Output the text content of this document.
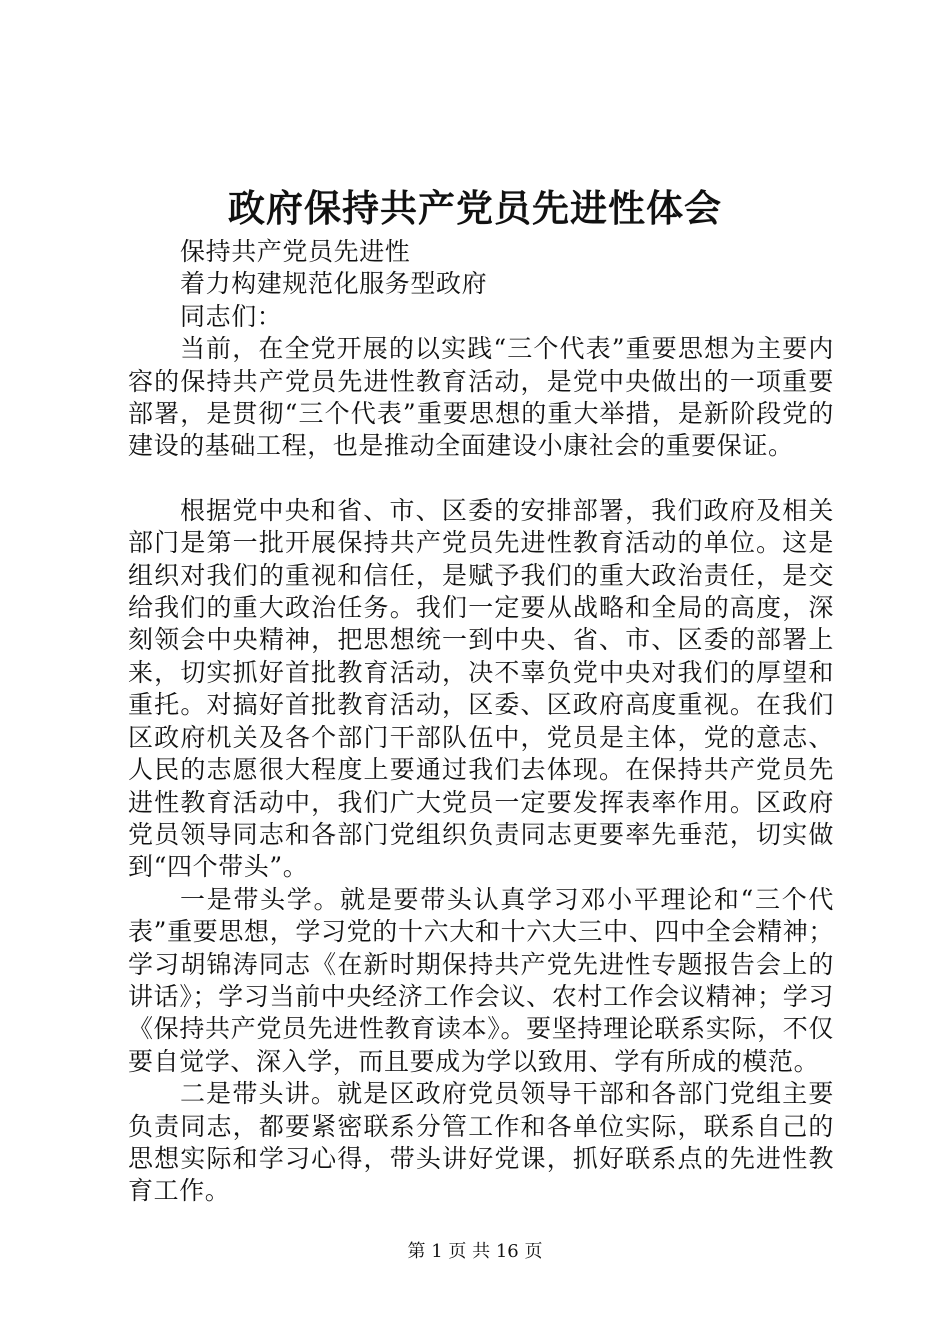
政府保持共产党员先进性体会
保持共产党员先进性
着力构建规范化服务型政府
同志们：

当前，在全党开展的以实践“三个代表”重要思想为主要内容的保持共产党员先进性教育活动，是党中央做出的一项重要部署，是贯彻“三个代表”重要思想的重大举措，是新阶段党的建设的基础工程，也是推动全面建设小康社会的重要保证。

根据党中央和省、市、区委的安排部署，我们政府及相关部门是第一批开展保持共产党员先进性教育活动的单位。这是组织对我们的重视和信任，是赋予我们的重大政治责任，是交给我们的重大政治任务。我们一定要从战略和全局的高度，深刻领会中央精神，把思想统一到中央、省、市、区委的部署上来，切实抓好首批教育活动，决不辜负党中央对我们的厚望和重托。对搞好首批教育活动，区委、区政府高度重视。在我们区政府机关及各个部门干部队伍中，党员是主体，党的意志、人民的志愿很大程度上要通过我们去体现。在保持共产党员先进性教育活动中，我们广大党员一定要发挥表率作用。区政府党员领导同志和各部门党组织负责同志更要率先垂范，切实做到“四个带头”。

一是带头学。就是要带头认真学习邓小平理论和“三个代表”重要思想，学习党的十六大和十六大三中、四中全会精神；学习胡锦涛同志《在新时期保持共产党先进性专题报告会上的讲话》；学习当前中央经济工作会议、农村工作会议精神；学习《保持共产党员先进性教育读本》。要坚持理论联系实际，不仅要自觉学、深入学，而且要成为学以致用、学有所成的模范。

二是带头讲。就是区政府党员领导干部和各部门党组主要负责同志，都要紧密联系分管工作和各单位实际，联系自己的思想实际和学习心得，带头讲好党课，抓好联系点的先进性教育工作。

第 1 页 共 16 页
